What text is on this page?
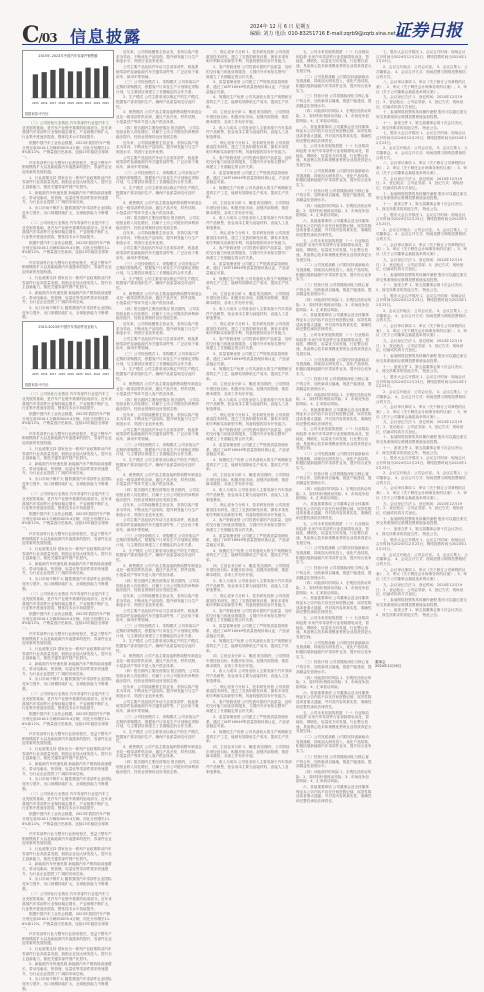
C/03 信息披露	2024年 12 月 6 日 星期五
编辑: 刘力 电话: 010-83251716 E-mail:zqrb9@zqrb.sina.net
证券日报
2015年-2023年中国汽车零部件销售额
2015 2016 2017 2018 2019 2020 2021 2022 2023
数据来源:中汽协

（二）公司所处行业情况 汽车零部件行业是汽车工业发展的基础，是汽车产业链中重要的组成部分。近年来我国汽车零部件行业保持稳定增长，产业规模不断扩大，行业集中度逐步提高，整体技术水平持续提升。

根据中国汽车工业协会数据，2023年我国汽车产销分别完成3016.1万辆和3009.4万辆，同比分别增长11.6%和12%，产销量创历史新高，连续15年稳居全球第一。

汽车零部件行业与整车行业密切相关，受益于整车产销规模的扩大以及新能源汽车渗透率的提升，零部件企业迎来新的发展机遇。

1、行业政策支持 国家出台一系列产业政策推动汽车零部件行业高质量发展，鼓励企业加大研发投入，提升自主创新能力，推进关键零部件国产化替代。

2、新能源汽车快速发展 新能源汽车产销持续高速增长，带动电驱动、热管理、轻量化等零部件需求快速提升，为行业企业提供了广阔的市场空间。

3、出口市场不断扩大 随着我国汽车零部件企业国际竞争力提升，出口规模持续扩大，全球配套能力不断增强。

（二）公司所处行业情况 汽车零部件行业是汽车工业发展的基础，是汽车产业链中重要的组成部分。近年来我国汽车零部件行业保持稳定增长，产业规模不断扩大，行业集中度逐步提高，整体技术水平持续提升。

根据中国汽车工业协会数据，2023年我国汽车产销分别完成3016.1万辆和3009.4万辆，同比分别增长11.6%和12%，产销量创历史新高，连续15年稳居全球第一。

汽车零部件行业与整车行业密切相关，受益于整车产销规模的扩大以及新能源汽车渗透率的提升，零部件企业迎来新的发展机遇。

1、行业政策支持 国家出台一系列产业政策推动汽车零部件行业高质量发展，鼓励企业加大研发投入，提升自主创新能力，推进关键零部件国产化替代。

2、新能源汽车快速发展 新能源汽车产销持续高速增长，带动电驱动、热管理、轻量化等零部件需求快速提升，为行业企业提供了广阔的市场空间。

3、出口市场不断扩大 随着我国汽车零部件企业国际竞争力提升，出口规模持续扩大，全球配套能力不断增强。

2015-2023年中国汽车零部件营业收入
2015 2016 2017 2018 2019 2020 2021 2022 2023
数据来源:中汽协

（二）公司所处行业情况 汽车零部件行业是汽车工业发展的基础，是汽车产业链中重要的组成部分。近年来我国汽车零部件行业保持稳定增长，产业规模不断扩大，行业集中度逐步提高，整体技术水平持续提升。

根据中国汽车工业协会数据，2023年我国汽车产销分别完成3016.1万辆和3009.4万辆，同比分别增长11.6%和12%，产销量创历史新高，连续15年稳居全球第一。

汽车零部件行业与整车行业密切相关，受益于整车产销规模的扩大以及新能源汽车渗透率的提升，零部件企业迎来新的发展机遇。

1、行业政策支持 国家出台一系列产业政策推动汽车零部件行业高质量发展，鼓励企业加大研发投入，提升自主创新能力，推进关键零部件国产化替代。

2、新能源汽车快速发展 新能源汽车产销持续高速增长，带动电驱动、热管理、轻量化等零部件需求快速提升，为行业企业提供了广阔的市场空间。

3、出口市场不断扩大 随着我国汽车零部件企业国际竞争力提升，出口规模持续扩大，全球配套能力不断增强。

（二）公司所处行业情况 汽车零部件行业是汽车工业发展的基础，是汽车产业链中重要的组成部分。近年来我国汽车零部件行业保持稳定增长，产业规模不断扩大，行业集中度逐步提高，整体技术水平持续提升。

根据中国汽车工业协会数据，2023年我国汽车产销分别完成3016.1万辆和3009.4万辆，同比分别增长11.6%和12%，产销量创历史新高，连续15年稳居全球第一。

汽车零部件行业与整车行业密切相关，受益于整车产销规模的扩大以及新能源汽车渗透率的提升，零部件企业迎来新的发展机遇。

1、行业政策支持 国家出台一系列产业政策推动汽车零部件行业高质量发展，鼓励企业加大研发投入，提升自主创新能力，推进关键零部件国产化替代。

2、新能源汽车快速发展 新能源汽车产销持续高速增长，带动电驱动、热管理、轻量化等零部件需求快速提升，为行业企业提供了广阔的市场空间。

3、出口市场不断扩大 随着我国汽车零部件企业国际竞争力提升，出口规模持续扩大，全球配套能力不断增强。

（二）公司所处行业情况 汽车零部件行业是汽车工业发展的基础，是汽车产业链中重要的组成部分。近年来我国汽车零部件行业保持稳定增长，产业规模不断扩大，行业集中度逐步提高，整体技术水平持续提升。

根据中国汽车工业协会数据，2023年我国汽车产销分别完成3016.1万辆和3009.4万辆，同比分别增长11.6%和12%，产销量创历史新高，连续15年稳居全球第一。

汽车零部件行业与整车行业密切相关，受益于整车产销规模的扩大以及新能源汽车渗透率的提升，零部件企业迎来新的发展机遇。

1、行业政策支持 国家出台一系列产业政策推动汽车零部件行业高质量发展，鼓励企业加大研发投入，提升自主创新能力，推进关键零部件国产化替代。

2、新能源汽车快速发展 新能源汽车产销持续高速增长，带动电驱动、热管理、轻量化等零部件需求快速提升，为行业企业提供了广阔的市场空间。

3、出口市场不断扩大 随着我国汽车零部件企业国际竞争力提升，出口规模持续扩大，全球配套能力不断增强。

（二）公司所处行业情况 汽车零部件行业是汽车工业发展的基础，是汽车产业链中重要的组成部分。近年来我国汽车零部件行业保持稳定增长，产业规模不断扩大，行业集中度逐步提高，整体技术水平持续提升。

根据中国汽车工业协会数据，2023年我国汽车产销分别完成3016.1万辆和3009.4万辆，同比分别增长11.6%和12%，产销量创历史新高，连续15年稳居全球第一。

汽车零部件行业与整车行业密切相关，受益于整车产销规模的扩大以及新能源汽车渗透率的提升，零部件企业迎来新的发展机遇。

1、行业政策支持 国家出台一系列产业政策推动汽车零部件行业高质量发展，鼓励企业加大研发投入，提升自主创新能力，推进关键零部件国产化替代。

2、新能源汽车快速发展 新能源汽车产销持续高速增长，带动电驱动、热管理、轻量化等零部件需求快速提升，为行业企业提供了广阔的市场空间。

3、出口市场不断扩大 随着我国汽车零部件企业国际竞争力提升，出口规模持续扩大，全球配套能力不断增强。

（二）公司所处行业情况 汽车零部件行业是汽车工业发展的基础，是汽车产业链中重要的组成部分。近年来我国汽车零部件行业保持稳定增长，产业规模不断扩大，行业集中度逐步提高，整体技术水平持续提升。

根据中国汽车工业协会数据，2023年我国汽车产销分别完成3016.1万辆和3009.4万辆，同比分别增长11.6%和12%，产销量创历史新高，连续15年稳居全球第一。

汽车零部件行业与整车行业密切相关，受益于整车产销规模的扩大以及新能源汽车渗透率的提升，零部件企业迎来新的发展机遇。

1、行业政策支持 国家出台一系列产业政策推动汽车零部件行业高质量发展，鼓励企业加大研发投入，提升自主创新能力，推进关键零部件国产化替代。

2、新能源汽车快速发展 新能源汽车产销持续高速增长，带动电驱动、热管理、轻量化等零部件需求快速提升，为行业企业提供了广阔的市场空间。

3、出口市场不断扩大 随着我国汽车零部件企业国际竞争力提升，出口规模持续扩大，全球配套能力不断增强。

（二）公司所处行业情况 汽车零部件行业是汽车工业发展的基础，是汽车产业链中重要的组成部分。近年来我国汽车零部件行业保持稳定增长，产业规模不断扩大，行业集中度逐步提高，整体技术水平持续提升。

根据中国汽车工业协会数据，2023年我国汽车产销分别完成3016.1万辆和3009.4万辆，同比分别增长11.6%和12%，产销量创历史新高，连续15年稳居全球第一。

汽车零部件行业与整车行业密切相关，受益于整车产销规模的扩大以及新能源汽车渗透率的提升，零部件企业迎来新的发展机遇。

1、行业政策支持 国家出台一系列产业政策推动汽车零部件行业高质量发展，鼓励企业加大研发投入，提升自主创新能力，推进关键零部件国产化替代。

2、新能源汽车快速发展 新能源汽车产销持续高速增长，带动电驱动、热管理、轻量化等零部件需求快速提升，为行业企业提供了广阔的市场空间。

3、出口市场不断扩大 随着我国汽车零部件企业国际竞争力提升，出口规模持续扩大，全球配套能力不断增强。

近年来，公司持续聚焦主营业务，坚持以客户需求为导向，不断优化产品结构，提升研发能力与生产制造水平，巩固行业竞争优势。

公司主要产品包括汽车动力总成零部件、底盘系统零部件及新能源汽车关键零部件等，广泛应用于乘用车、商用车等领域。

（三）公司经营模式 1、采购模式 公司采取以产定购的采购模式，根据客户订单及生产计划制定采购计划，与主要供应商建立了长期稳定的合作关系。

2、生产模式 公司主要采用以销定产的生产模式，根据客户需求组织生产，确保产品质量和交付及时性。

3、销售模式 公司产品主要直接销售给整车制造企业及一级零部件供应商，通过产品开发、样件试制、小批量试产等环节进入客户供应体系。

（四）报告期内主要经营情况 报告期内，公司实现营业收入同比增长，归属于上市公司股东的净利润稳步提升，经营业绩保持良好发展态势。

近年来，公司持续聚焦主营业务，坚持以客户需求为导向，不断优化产品结构，提升研发能力与生产制造水平，巩固行业竞争优势。

公司主要产品包括汽车动力总成零部件、底盘系统零部件及新能源汽车关键零部件等，广泛应用于乘用车、商用车等领域。

（三）公司经营模式 1、采购模式 公司采取以产定购的采购模式，根据客户订单及生产计划制定采购计划，与主要供应商建立了长期稳定的合作关系。

2、生产模式 公司主要采用以销定产的生产模式，根据客户需求组织生产，确保产品质量和交付及时性。

3、销售模式 公司产品主要直接销售给整车制造企业及一级零部件供应商，通过产品开发、样件试制、小批量试产等环节进入客户供应体系。

（四）报告期内主要经营情况 报告期内，公司实现营业收入同比增长，归属于上市公司股东的净利润稳步提升，经营业绩保持良好发展态势。

近年来，公司持续聚焦主营业务，坚持以客户需求为导向，不断优化产品结构，提升研发能力与生产制造水平，巩固行业竞争优势。

公司主要产品包括汽车动力总成零部件、底盘系统零部件及新能源汽车关键零部件等，广泛应用于乘用车、商用车等领域。

（三）公司经营模式 1、采购模式 公司采取以产定购的采购模式，根据客户订单及生产计划制定采购计划，与主要供应商建立了长期稳定的合作关系。

2、生产模式 公司主要采用以销定产的生产模式，根据客户需求组织生产，确保产品质量和交付及时性。

3、销售模式 公司产品主要直接销售给整车制造企业及一级零部件供应商，通过产品开发、样件试制、小批量试产等环节进入客户供应体系。

（四）报告期内主要经营情况 报告期内，公司实现营业收入同比增长，归属于上市公司股东的净利润稳步提升，经营业绩保持良好发展态势。

近年来，公司持续聚焦主营业务，坚持以客户需求为导向，不断优化产品结构，提升研发能力与生产制造水平，巩固行业竞争优势。

公司主要产品包括汽车动力总成零部件、底盘系统零部件及新能源汽车关键零部件等，广泛应用于乘用车、商用车等领域。

（三）公司经营模式 1、采购模式 公司采取以产定购的采购模式，根据客户订单及生产计划制定采购计划，与主要供应商建立了长期稳定的合作关系。

2、生产模式 公司主要采用以销定产的生产模式，根据客户需求组织生产，确保产品质量和交付及时性。

3、销售模式 公司产品主要直接销售给整车制造企业及一级零部件供应商，通过产品开发、样件试制、小批量试产等环节进入客户供应体系。

（四）报告期内主要经营情况 报告期内，公司实现营业收入同比增长，归属于上市公司股东的净利润稳步提升，经营业绩保持良好发展态势。

近年来，公司持续聚焦主营业务，坚持以客户需求为导向，不断优化产品结构，提升研发能力与生产制造水平，巩固行业竞争优势。

公司主要产品包括汽车动力总成零部件、底盘系统零部件及新能源汽车关键零部件等，广泛应用于乘用车、商用车等领域。

（三）公司经营模式 1、采购模式 公司采取以产定购的采购模式，根据客户订单及生产计划制定采购计划，与主要供应商建立了长期稳定的合作关系。

2、生产模式 公司主要采用以销定产的生产模式，根据客户需求组织生产，确保产品质量和交付及时性。

3、销售模式 公司产品主要直接销售给整车制造企业及一级零部件供应商，通过产品开发、样件试制、小批量试产等环节进入客户供应体系。

（四）报告期内主要经营情况 报告期内，公司实现营业收入同比增长，归属于上市公司股东的净利润稳步提升，经营业绩保持良好发展态势。

近年来，公司持续聚焦主营业务，坚持以客户需求为导向，不断优化产品结构，提升研发能力与生产制造水平，巩固行业竞争优势。

公司主要产品包括汽车动力总成零部件、底盘系统零部件及新能源汽车关键零部件等，广泛应用于乘用车、商用车等领域。

（三）公司经营模式 1、采购模式 公司采取以产定购的采购模式，根据客户订单及生产计划制定采购计划，与主要供应商建立了长期稳定的合作关系。

2、生产模式 公司主要采用以销定产的生产模式，根据客户需求组织生产，确保产品质量和交付及时性。

3、销售模式 公司产品主要直接销售给整车制造企业及一级零部件供应商，通过产品开发、样件试制、小批量试产等环节进入客户供应体系。

（四）报告期内主要经营情况 报告期内，公司实现营业收入同比增长，归属于上市公司股东的净利润稳步提升，经营业绩保持良好发展态势。

近年来，公司持续聚焦主营业务，坚持以客户需求为导向，不断优化产品结构，提升研发能力与生产制造水平，巩固行业竞争优势。

公司主要产品包括汽车动力总成零部件、底盘系统零部件及新能源汽车关键零部件等，广泛应用于乘用车、商用车等领域。

（三）公司经营模式 1、采购模式 公司采取以产定购的采购模式，根据客户订单及生产计划制定采购计划，与主要供应商建立了长期稳定的合作关系。

2、生产模式 公司主要采用以销定产的生产模式，根据客户需求组织生产，确保产品质量和交付及时性。

3、销售模式 公司产品主要直接销售给整车制造企业及一级零部件供应商，通过产品开发、样件试制、小批量试产等环节进入客户供应体系。

（四）报告期内主要经营情况 报告期内，公司实现营业收入同比增长，归属于上市公司股东的净利润稳步提升，经营业绩保持良好发展态势。

近年来，公司持续聚焦主营业务，坚持以客户需求为导向，不断优化产品结构，提升研发能力与生产制造水平，巩固行业竞争优势。

公司主要产品包括汽车动力总成零部件、底盘系统零部件及新能源汽车关键零部件等，广泛应用于乘用车、商用车等领域。

（三）公司经营模式 1、采购模式 公司采取以产定购的采购模式，根据客户订单及生产计划制定采购计划，与主要供应商建立了长期稳定的合作关系。

2、生产模式 公司主要采用以销定产的生产模式，根据客户需求组织生产，确保产品质量和交付及时性。

3、销售模式 公司产品主要直接销售给整车制造企业及一级零部件供应商，通过产品开发、样件试制、小批量试产等环节进入客户供应体系。

（四）报告期内主要经营情况 报告期内，公司实现营业收入同比增长，归属于上市公司股东的净利润稳步提升，经营业绩保持良好发展态势。

三、核心竞争力分析 1、技术研发优势 公司高度重视技术研发，建立了完善的研发体系，拥有多项发明专利和实用新型专利，具备较强的同步开发能力。

2、客户资源优势 公司凭借可靠的产品质量、及时的交付能力和优质的服务，与国内外多家知名整车厂商建立了长期稳定的合作关系。

3、质量管理优势 公司建立了严格的质量管理体系，通过了IATF16949等质量管理体系认证，产品质量稳定可靠。

4、规模化生产优势 公司具备较大的生产规模和完善的生产工艺，能够有效降低生产成本，提高生产效率。

四、主营业务分析 1、概述 报告期内，公司围绕年度经营目标，积极开拓市场，加强内部管理，推进降本增效，各项工作有序开展。

2、收入与成本 公司营业收入主要来源于汽车零部件产品销售，营业成本主要为直接材料、直接人工及制造费用。

三、核心竞争力分析 1、技术研发优势 公司高度重视技术研发，建立了完善的研发体系，拥有多项发明专利和实用新型专利，具备较强的同步开发能力。

2、客户资源优势 公司凭借可靠的产品质量、及时的交付能力和优质的服务，与国内外多家知名整车厂商建立了长期稳定的合作关系。

3、质量管理优势 公司建立了严格的质量管理体系，通过了IATF16949等质量管理体系认证，产品质量稳定可靠。

4、规模化生产优势 公司具备较大的生产规模和完善的生产工艺，能够有效降低生产成本，提高生产效率。

四、主营业务分析 1、概述 报告期内，公司围绕年度经营目标，积极开拓市场，加强内部管理，推进降本增效，各项工作有序开展。

2、收入与成本 公司营业收入主要来源于汽车零部件产品销售，营业成本主要为直接材料、直接人工及制造费用。

三、核心竞争力分析 1、技术研发优势 公司高度重视技术研发，建立了完善的研发体系，拥有多项发明专利和实用新型专利，具备较强的同步开发能力。

2、客户资源优势 公司凭借可靠的产品质量、及时的交付能力和优质的服务，与国内外多家知名整车厂商建立了长期稳定的合作关系。

3、质量管理优势 公司建立了严格的质量管理体系，通过了IATF16949等质量管理体系认证，产品质量稳定可靠。

4、规模化生产优势 公司具备较大的生产规模和完善的生产工艺，能够有效降低生产成本，提高生产效率。

四、主营业务分析 1、概述 报告期内，公司围绕年度经营目标，积极开拓市场，加强内部管理，推进降本增效，各项工作有序开展。

2、收入与成本 公司营业收入主要来源于汽车零部件产品销售，营业成本主要为直接材料、直接人工及制造费用。

三、核心竞争力分析 1、技术研发优势 公司高度重视技术研发，建立了完善的研发体系，拥有多项发明专利和实用新型专利，具备较强的同步开发能力。

2、客户资源优势 公司凭借可靠的产品质量、及时的交付能力和优质的服务，与国内外多家知名整车厂商建立了长期稳定的合作关系。

3、质量管理优势 公司建立了严格的质量管理体系，通过了IATF16949等质量管理体系认证，产品质量稳定可靠。

4、规模化生产优势 公司具备较大的生产规模和完善的生产工艺，能够有效降低生产成本，提高生产效率。

四、主营业务分析 1、概述 报告期内，公司围绕年度经营目标，积极开拓市场，加强内部管理，推进降本增效，各项工作有序开展。

2、收入与成本 公司营业收入主要来源于汽车零部件产品销售，营业成本主要为直接材料、直接人工及制造费用。

三、核心竞争力分析 1、技术研发优势 公司高度重视技术研发，建立了完善的研发体系，拥有多项发明专利和实用新型专利，具备较强的同步开发能力。

2、客户资源优势 公司凭借可靠的产品质量、及时的交付能力和优质的服务，与国内外多家知名整车厂商建立了长期稳定的合作关系。

3、质量管理优势 公司建立了严格的质量管理体系，通过了IATF16949等质量管理体系认证，产品质量稳定可靠。

4、规模化生产优势 公司具备较大的生产规模和完善的生产工艺，能够有效降低生产成本，提高生产效率。

四、主营业务分析 1、概述 报告期内，公司围绕年度经营目标，积极开拓市场，加强内部管理，推进降本增效，各项工作有序开展。

2、收入与成本 公司营业收入主要来源于汽车零部件产品销售，营业成本主要为直接材料、直接人工及制造费用。

三、核心竞争力分析 1、技术研发优势 公司高度重视技术研发，建立了完善的研发体系，拥有多项发明专利和实用新型专利，具备较强的同步开发能力。

2、客户资源优势 公司凭借可靠的产品质量、及时的交付能力和优质的服务，与国内外多家知名整车厂商建立了长期稳定的合作关系。

3、质量管理优势 公司建立了严格的质量管理体系，通过了IATF16949等质量管理体系认证，产品质量稳定可靠。

4、规模化生产优势 公司具备较大的生产规模和完善的生产工艺，能够有效降低生产成本，提高生产效率。

四、主营业务分析 1、概述 报告期内，公司围绕年度经营目标，积极开拓市场，加强内部管理，推进降本增效，各项工作有序开展。

2、收入与成本 公司营业收入主要来源于汽车零部件产品销售，营业成本主要为直接材料、直接人工及制造费用。

三、核心竞争力分析 1、技术研发优势 公司高度重视技术研发，建立了完善的研发体系，拥有多项发明专利和实用新型专利，具备较强的同步开发能力。

2、客户资源优势 公司凭借可靠的产品质量、及时的交付能力和优质的服务，与国内外多家知名整车厂商建立了长期稳定的合作关系。

3、质量管理优势 公司建立了严格的质量管理体系，通过了IATF16949等质量管理体系认证，产品质量稳定可靠。

4、规模化生产优势 公司具备较大的生产规模和完善的生产工艺，能够有效降低生产成本，提高生产效率。

四、主营业务分析 1、概述 报告期内，公司围绕年度经营目标，积极开拓市场，加强内部管理，推进降本增效，各项工作有序开展。

2、收入与成本 公司营业收入主要来源于汽车零部件产品销售，营业成本主要为直接材料、直接人工及制造费用。

三、核心竞争力分析 1、技术研发优势 公司高度重视技术研发，建立了完善的研发体系，拥有多项发明专利和实用新型专利，具备较强的同步开发能力。

2、客户资源优势 公司凭借可靠的产品质量、及时的交付能力和优质的服务，与国内外多家知名整车厂商建立了长期稳定的合作关系。

3、质量管理优势 公司建立了严格的质量管理体系，通过了IATF16949等质量管理体系认证，产品质量稳定可靠。

4、规模化生产优势 公司具备较大的生产规模和完善的生产工艺，能够有效降低生产成本，提高生产效率。

四、主营业务分析 1、概述 报告期内，公司围绕年度经营目标，积极开拓市场，加强内部管理，推进降本增效，各项工作有序开展。

2、收入与成本 公司营业收入主要来源于汽车零部件产品销售，营业成本主要为直接材料、直接人工及制造费用。

五、公司未来发展的展望 （一）行业格局和趋势 未来汽车零部件行业将朝着电动化、智能化、网联化、轻量化方向发展，行业整合加速，具备核心技术和规模优势的企业将获得更大发展空间。

（二）公司发展战略 公司将坚持创新驱动发展战略，持续加大研发投入，优化产品结构，积极拓展新能源汽车零部件业务，提升综合竞争实力。

（三）经营计划 公司将继续深化与核心客户的合作，加快新项目落地，推进产能建设，提高精益化管理水平。

（四）可能面对的风险 1、宏观经济波动风险；2、原材料价格波动风险；3、市场竞争加剧风险；4、汇率波动风险。

六、其他重要事项 公司董事会及全体董事保证本公告内容不存在任何虚假记载、误导性陈述或者重大遗漏，并对其内容的真实性、准确性和完整性承担法律责任。

五、公司未来发展的展望 （一）行业格局和趋势 未来汽车零部件行业将朝着电动化、智能化、网联化、轻量化方向发展，行业整合加速，具备核心技术和规模优势的企业将获得更大发展空间。

（二）公司发展战略 公司将坚持创新驱动发展战略，持续加大研发投入，优化产品结构，积极拓展新能源汽车零部件业务，提升综合竞争实力。

（三）经营计划 公司将继续深化与核心客户的合作，加快新项目落地，推进产能建设，提高精益化管理水平。

（四）可能面对的风险 1、宏观经济波动风险；2、原材料价格波动风险；3、市场竞争加剧风险；4、汇率波动风险。

六、其他重要事项 公司董事会及全体董事保证本公告内容不存在任何虚假记载、误导性陈述或者重大遗漏，并对其内容的真实性、准确性和完整性承担法律责任。

五、公司未来发展的展望 （一）行业格局和趋势 未来汽车零部件行业将朝着电动化、智能化、网联化、轻量化方向发展，行业整合加速，具备核心技术和规模优势的企业将获得更大发展空间。

（二）公司发展战略 公司将坚持创新驱动发展战略，持续加大研发投入，优化产品结构，积极拓展新能源汽车零部件业务，提升综合竞争实力。

（三）经营计划 公司将继续深化与核心客户的合作，加快新项目落地，推进产能建设，提高精益化管理水平。

（四）可能面对的风险 1、宏观经济波动风险；2、原材料价格波动风险；3、市场竞争加剧风险；4、汇率波动风险。

六、其他重要事项 公司董事会及全体董事保证本公告内容不存在任何虚假记载、误导性陈述或者重大遗漏，并对其内容的真实性、准确性和完整性承担法律责任。

五、公司未来发展的展望 （一）行业格局和趋势 未来汽车零部件行业将朝着电动化、智能化、网联化、轻量化方向发展，行业整合加速，具备核心技术和规模优势的企业将获得更大发展空间。

（二）公司发展战略 公司将坚持创新驱动发展战略，持续加大研发投入，优化产品结构，积极拓展新能源汽车零部件业务，提升综合竞争实力。

（三）经营计划 公司将继续深化与核心客户的合作，加快新项目落地，推进产能建设，提高精益化管理水平。

（四）可能面对的风险 1、宏观经济波动风险；2、原材料价格波动风险；3、市场竞争加剧风险；4、汇率波动风险。

六、其他重要事项 公司董事会及全体董事保证本公告内容不存在任何虚假记载、误导性陈述或者重大遗漏，并对其内容的真实性、准确性和完整性承担法律责任。

五、公司未来发展的展望 （一）行业格局和趋势 未来汽车零部件行业将朝着电动化、智能化、网联化、轻量化方向发展，行业整合加速，具备核心技术和规模优势的企业将获得更大发展空间。

（二）公司发展战略 公司将坚持创新驱动发展战略，持续加大研发投入，优化产品结构，积极拓展新能源汽车零部件业务，提升综合竞争实力。

（三）经营计划 公司将继续深化与核心客户的合作，加快新项目落地，推进产能建设，提高精益化管理水平。

（四）可能面对的风险 1、宏观经济波动风险；2、原材料价格波动风险；3、市场竞争加剧风险；4、汇率波动风险。

六、其他重要事项 公司董事会及全体董事保证本公告内容不存在任何虚假记载、误导性陈述或者重大遗漏，并对其内容的真实性、准确性和完整性承担法律责任。

五、公司未来发展的展望 （一）行业格局和趋势 未来汽车零部件行业将朝着电动化、智能化、网联化、轻量化方向发展，行业整合加速，具备核心技术和规模优势的企业将获得更大发展空间。

（二）公司发展战略 公司将坚持创新驱动发展战略，持续加大研发投入，优化产品结构，积极拓展新能源汽车零部件业务，提升综合竞争实力。

（三）经营计划 公司将继续深化与核心客户的合作，加快新项目落地，推进产能建设，提高精益化管理水平。

（四）可能面对的风险 1、宏观经济波动风险；2、原材料价格波动风险；3、市场竞争加剧风险；4、汇率波动风险。

六、其他重要事项 公司董事会及全体董事保证本公告内容不存在任何虚假记载、误导性陈述或者重大遗漏，并对其内容的真实性、准确性和完整性承担法律责任。

五、公司未来发展的展望 （一）行业格局和趋势 未来汽车零部件行业将朝着电动化、智能化、网联化、轻量化方向发展，行业整合加速，具备核心技术和规模优势的企业将获得更大发展空间。

（二）公司发展战略 公司将坚持创新驱动发展战略，持续加大研发投入，优化产品结构，积极拓展新能源汽车零部件业务，提升综合竞争实力。

（三）经营计划 公司将继续深化与核心客户的合作，加快新项目落地，推进产能建设，提高精益化管理水平。

（四）可能面对的风险 1、宏观经济波动风险；2、原材料价格波动风险；3、市场竞争加剧风险；4、汇率波动风险。

六、其他重要事项 公司董事会及全体董事保证本公告内容不存在任何虚假记载、误导性陈述或者重大遗漏，并对其内容的真实性、准确性和完整性承担法律责任。

五、公司未来发展的展望 （一）行业格局和趋势 未来汽车零部件行业将朝着电动化、智能化、网联化、轻量化方向发展，行业整合加速，具备核心技术和规模优势的企业将获得更大发展空间。

（二）公司发展战略 公司将坚持创新驱动发展战略，持续加大研发投入，优化产品结构，积极拓展新能源汽车零部件业务，提升综合竞争实力。

（三）经营计划 公司将继续深化与核心客户的合作，加快新项目落地，推进产能建设，提高精益化管理水平。

（四）可能面对的风险 1、宏观经济波动风险；2、原材料价格波动风险；3、市场竞争加剧风险；4、汇率波动风险。

六、其他重要事项 公司董事会及全体董事保证本公告内容不存在任何虚假记载、误导性陈述或者重大遗漏，并对其内容的真实性、准确性和完整性承担法律责任。

七、股东大会召开情况 1、会议召开时间：现场会议召开时间为2024年12月23日；网络投票时间为2024年12月23日。

2、会议召开地点：公司会议室。 3、会议召集人：公司董事会。 4、会议召开方式：现场投票与网络投票相结合的方式。

八、会议审议事项 1、审议《关于修订公司章程的议案》；2、审议《关于聘任会计师事务所的议案》；3、审议《关于公司董事会换届选举的议案》。

九、会议登记方法 1、登记时间：2024年12月19日；2、登记地点：公司证券部；3、登记方式：现场登记、信函或传真方式登记。

十、参加网络投票的具体操作流程 股东可以通过深交所交易系统和互联网投票系统参加投票。

十一、备查文件 1、第五届董事会第十次会议决议；2、深交所要求的其他文件。 特此公告。

七、股东大会召开情况 1、会议召开时间：现场会议召开时间为2024年12月23日；网络投票时间为2024年12月23日。

2、会议召开地点：公司会议室。 3、会议召集人：公司董事会。 4、会议召开方式：现场投票与网络投票相结合的方式。

八、会议审议事项 1、审议《关于修订公司章程的议案》；2、审议《关于聘任会计师事务所的议案》；3、审议《关于公司董事会换届选举的议案》。

九、会议登记方法 1、登记时间：2024年12月19日；2、登记地点：公司证券部；3、登记方式：现场登记、信函或传真方式登记。

十、参加网络投票的具体操作流程 股东可以通过深交所交易系统和互联网投票系统参加投票。

十一、备查文件 1、第五届董事会第十次会议决议；2、深交所要求的其他文件。 特此公告。

七、股东大会召开情况 1、会议召开时间：现场会议召开时间为2024年12月23日；网络投票时间为2024年12月23日。

2、会议召开地点：公司会议室。 3、会议召集人：公司董事会。 4、会议召开方式：现场投票与网络投票相结合的方式。

八、会议审议事项 1、审议《关于修订公司章程的议案》；2、审议《关于聘任会计师事务所的议案》；3、审议《关于公司董事会换届选举的议案》。

九、会议登记方法 1、登记时间：2024年12月19日；2、登记地点：公司证券部；3、登记方式：现场登记、信函或传真方式登记。

十、参加网络投票的具体操作流程 股东可以通过深交所交易系统和互联网投票系统参加投票。

十一、备查文件 1、第五届董事会第十次会议决议；2、深交所要求的其他文件。 特此公告。

七、股东大会召开情况 1、会议召开时间：现场会议召开时间为2024年12月23日；网络投票时间为2024年12月23日。

2、会议召开地点：公司会议室。 3、会议召集人：公司董事会。 4、会议召开方式：现场投票与网络投票相结合的方式。

八、会议审议事项 1、审议《关于修订公司章程的议案》；2、审议《关于聘任会计师事务所的议案》；3、审议《关于公司董事会换届选举的议案》。

九、会议登记方法 1、登记时间：2024年12月19日；2、登记地点：公司证券部；3、登记方式：现场登记、信函或传真方式登记。

十、参加网络投票的具体操作流程 股东可以通过深交所交易系统和互联网投票系统参加投票。

十一、备查文件 1、第五届董事会第十次会议决议；2、深交所要求的其他文件。 特此公告。

七、股东大会召开情况 1、会议召开时间：现场会议召开时间为2024年12月23日；网络投票时间为2024年12月23日。

2、会议召开地点：公司会议室。 3、会议召集人：公司董事会。 4、会议召开方式：现场投票与网络投票相结合的方式。

八、会议审议事项 1、审议《关于修订公司章程的议案》；2、审议《关于聘任会计师事务所的议案》；3、审议《关于公司董事会换届选举的议案》。

九、会议登记方法 1、登记时间：2024年12月19日；2、登记地点：公司证券部；3、登记方式：现场登记、信函或传真方式登记。

十、参加网络投票的具体操作流程 股东可以通过深交所交易系统和互联网投票系统参加投票。

十一、备查文件 1、第五届董事会第十次会议决议；2、深交所要求的其他文件。 特此公告。

七、股东大会召开情况 1、会议召开时间：现场会议召开时间为2024年12月23日；网络投票时间为2024年12月23日。

2、会议召开地点：公司会议室。 3、会议召集人：公司董事会。 4、会议召开方式：现场投票与网络投票相结合的方式。

八、会议审议事项 1、审议《关于修订公司章程的议案》；2、审议《关于聘任会计师事务所的议案》；3、审议《关于公司董事会换届选举的议案》。

九、会议登记方法 1、登记时间：2024年12月19日；2、登记地点：公司证券部；3、登记方式：现场登记、信函或传真方式登记。

十、参加网络投票的具体操作流程 股东可以通过深交所交易系统和互联网投票系统参加投票。

十一、备查文件 1、第五届董事会第十次会议决议；2、深交所要求的其他文件。 特此公告。

七、股东大会召开情况 1、会议召开时间：现场会议召开时间为2024年12月23日；网络投票时间为2024年12月23日。

2、会议召开地点：公司会议室。 3、会议召集人：公司董事会。 4、会议召开方式：现场投票与网络投票相结合的方式。

八、会议审议事项 1、审议《关于修订公司章程的议案》；2、审议《关于聘任会计师事务所的议案》；3、审议《关于公司董事会换届选举的议案》。

九、会议登记方法 1、登记时间：2024年12月19日；2、登记地点：公司证券部；3、登记方式：现场登记、信函或传真方式登记。

十、参加网络投票的具体操作流程 股东可以通过深交所交易系统和互联网投票系统参加投票。

十一、备查文件 1、第五届董事会第十次会议决议；2、深交所要求的其他文件。 特此公告。

董事会
2024年12月6日
